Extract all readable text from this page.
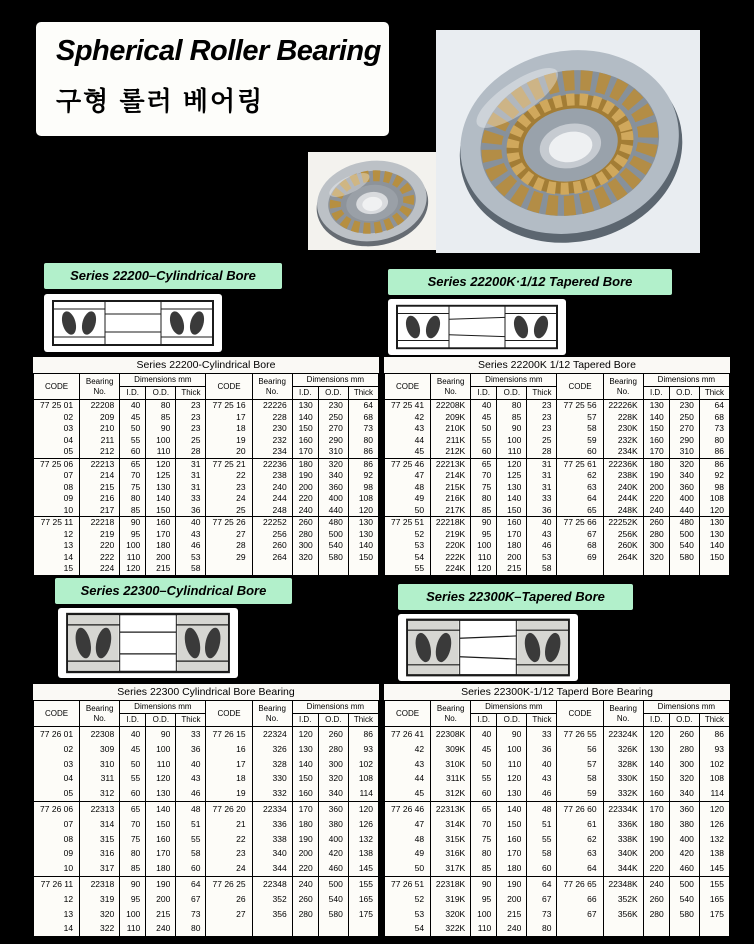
Spherical Roller Bearing
구형 롤러 베어링
Series 22200–Cylindrical Bore	Series 22200K·1/12 Tapered Bore
Series 22300–Cylindrical Bore	Series 22300K–Tapered Bore
Series 22200-Cylindrical Bore
CODE	Bearing No.	Dimensions mm			CODE	Bearing No.	Dimensions mm		
		I.D.	O.D.	Thick			I.D.	O.D.	Thick
77 25 01	22208	40	80	23	77 25 16	22226	130	230	64
02	209	45	85	23	17	228	140	250	68
03	210	50	90	23	18	230	150	270	73
04	211	55	100	25	19	232	160	290	80
05	212	60	110	28	20	234	170	310	86
77 25 06	22213	65	120	31	77 25 21	22236	180	320	86
07	214	70	125	31	22	238	190	340	92
08	215	75	130	31	23	240	200	360	98
09	216	80	140	33	24	244	220	400	108
10	217	85	150	36	25	248	240	440	120
77 25 11	22218	90	160	40	77 25 26	22252	260	480	130
12	219	95	170	43	27	256	280	500	130
13	220	100	180	46	28	260	300	540	140
14	222	110	200	53	29	264	320	580	150
15	224	120	215	58					
Series 22200K 1/12 Tapered Bore
CODE	Bearing No.	Dimensions mm			CODE	Bearing No.	Dimensions mm		
		I.D.	O.D.	Thick			I.D.	O.D.	Thick
77 25 41	22208K	40	80	23	77 25 56	22226K	130	230	64
42	209K	45	85	23	57	228K	140	250	68
43	210K	50	90	23	58	230K	150	270	73
44	211K	55	100	25	59	232K	160	290	80
45	212K	60	110	28	60	234K	170	310	86
77 25 46	22213K	65	120	31	77 25 61	22236K	180	320	86
47	214K	70	125	31	62	238K	190	340	92
48	215K	75	130	31	63	240K	200	360	98
49	216K	80	140	33	64	244K	220	400	108
50	217K	85	150	36	65	248K	240	440	120
77 25 51	22218K	90	160	40	77 25 66	22252K	260	480	130
52	219K	95	170	43	67	256K	280	500	130
53	220K	100	180	46	68	260K	300	540	140
54	222K	110	200	53	69	264K	320	580	150
55	224K	120	215	58					
Series 22300 Cylindrical Bore Bearing
CODE	Bearing No.	Dimensions mm			CODE	Bearing No.	Dimensions mm		
		I.D.	O.D.	Thick			I.D.	O.D.	Thick
77 26 01	22308	40	90	33	77 26 15	22324	120	260	86
02	309	45	100	36	16	326	130	280	93
03	310	50	110	40	17	328	140	300	102
04	311	55	120	43	18	330	150	320	108
05	312	60	130	46	19	332	160	340	114
77 26 06	22313	65	140	48	77 26 20	22334	170	360	120
07	314	70	150	51	21	336	180	380	126
08	315	75	160	55	22	338	190	400	132
09	316	80	170	58	23	340	200	420	138
10	317	85	180	60	24	344	220	460	145
77 26 11	22318	90	190	64	77 26 25	22348	240	500	155
12	319	95	200	67	26	352	260	540	165
13	320	100	215	73	27	356	280	580	175
14	322	110	240	80					
Series 22300K-1/12 Taperd Bore Bearing
CODE	Bearing No.	Dimensions mm			CODE	Bearing No.	Dimensions mm		
		I.D.	O.D.	Thick			I.D.	O.D.	Thick
77 26 41	22308K	40	90	33	77 26 55	22324K	120	260	86
42	309K	45	100	36	56	326K	130	280	93
43	310K	50	110	40	57	328K	140	300	102
44	311K	55	120	43	58	330K	150	320	108
45	312K	60	130	46	59	332K	160	340	114
77 26 46	22313K	65	140	48	77 26 60	22334K	170	360	120
47	314K	70	150	51	61	336K	180	380	126
48	315K	75	160	55	62	338K	190	400	132
49	316K	80	170	58	63	340K	200	420	138
50	317K	85	180	60	64	344K	220	460	145
77 26 51	22318K	90	190	64	77 26 65	22348K	240	500	155
52	319K	95	200	67	66	352K	260	540	165
53	320K	100	215	73	67	356K	280	580	175
54	322K	110	240	80					
